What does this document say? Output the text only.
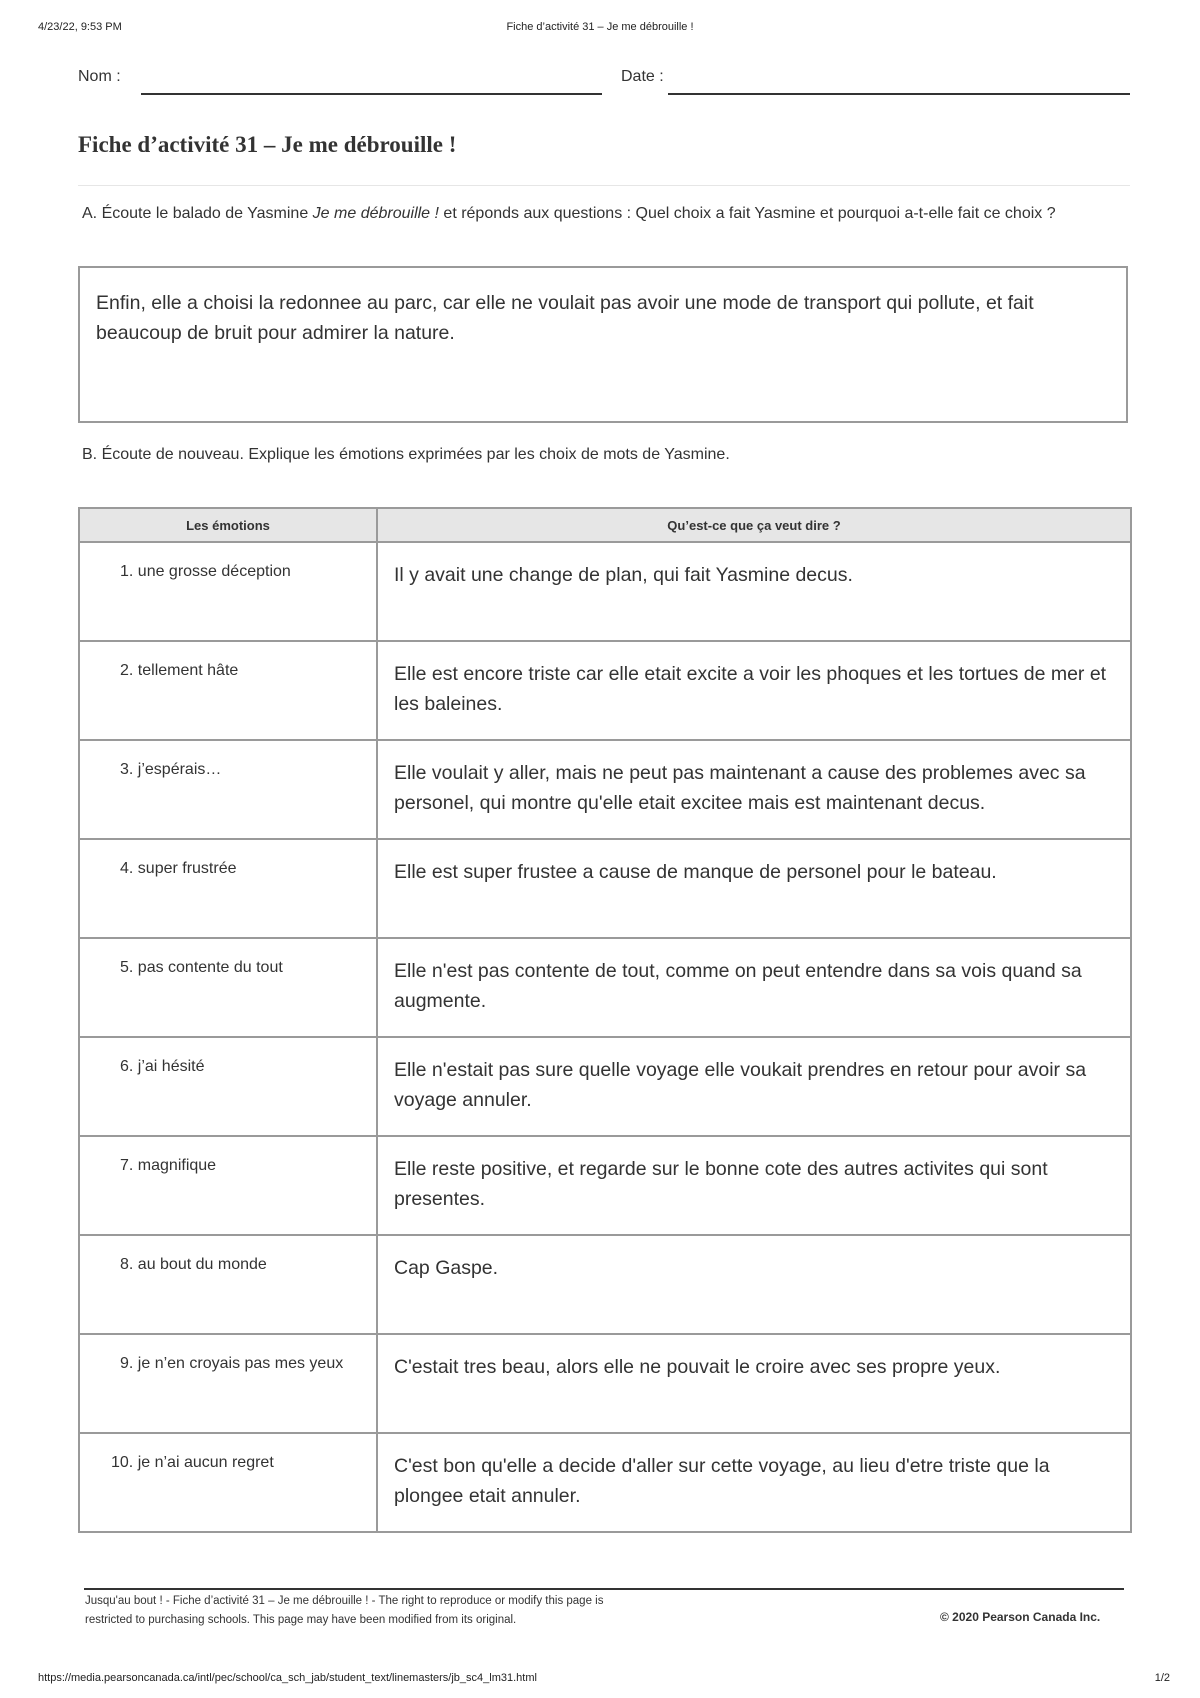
4/23/22, 9:53 PM	Fiche d’activité 31 – Je me débrouille !
Nom :	Date :
Fiche d’activité 31 – Je me débrouille !
A. Écoute le balado de Yasmine Je me débrouille ! et réponds aux questions : Quel choix a fait Yasmine et pourquoi a-t-elle fait ce choix ?
Enfin, elle a choisi la redonnee au parc, car elle ne voulait pas avoir une mode de transport qui pollute, et fait beaucoup de bruit pour admirer la nature.
B. Écoute de nouveau. Explique les émotions exprimées par les choix de mots de Yasmine.
Les émotions	Qu’est-ce que ça veut dire ?

1. une grosse déception	Il y avait une change de plan, qui fait Yasmine decus.

2. tellement hâte	Elle est encore triste car elle etait excite a voir les phoques et les tortues de mer et les baleines.

3. j’espérais…	Elle voulait y aller, mais ne peut pas maintenant a cause des problemes avec sa personel, qui montre qu'elle etait excitee mais est maintenant decus.

4. super frustrée	Elle est super frustee a cause de manque de personel pour le bateau.

5. pas contente du tout	Elle n'est pas contente de tout, comme on peut entendre dans sa vois quand sa augmente.

6. j’ai hésité	Elle n'estait pas sure quelle voyage elle voukait prendres en retour pour avoir sa voyage annuler.

7. magnifique	Elle reste positive, et regarde sur le bonne cote des autres activites qui sont presentes.

8. au bout du monde	Cap Gaspe.

9. je n’en croyais pas mes yeux	C'estait tres beau, alors elle ne pouvait le croire avec ses propre yeux.

10. je n’ai aucun regret	C'est bon qu'elle a decide d'aller sur cette voyage, au lieu d'etre triste que la plongee etait annuler.
Jusqu'au bout ! - Fiche d’activité 31 – Je me débrouille ! - The right to reproduce or modify this page is restricted to purchasing schools. This page may have been modified from its original.	© 2020 Pearson Canada Inc.
https://media.pearsoncanada.ca/intl/pec/school/ca_sch_jab/student_text/linemasters/jb_sc4_lm31.html	1/2
